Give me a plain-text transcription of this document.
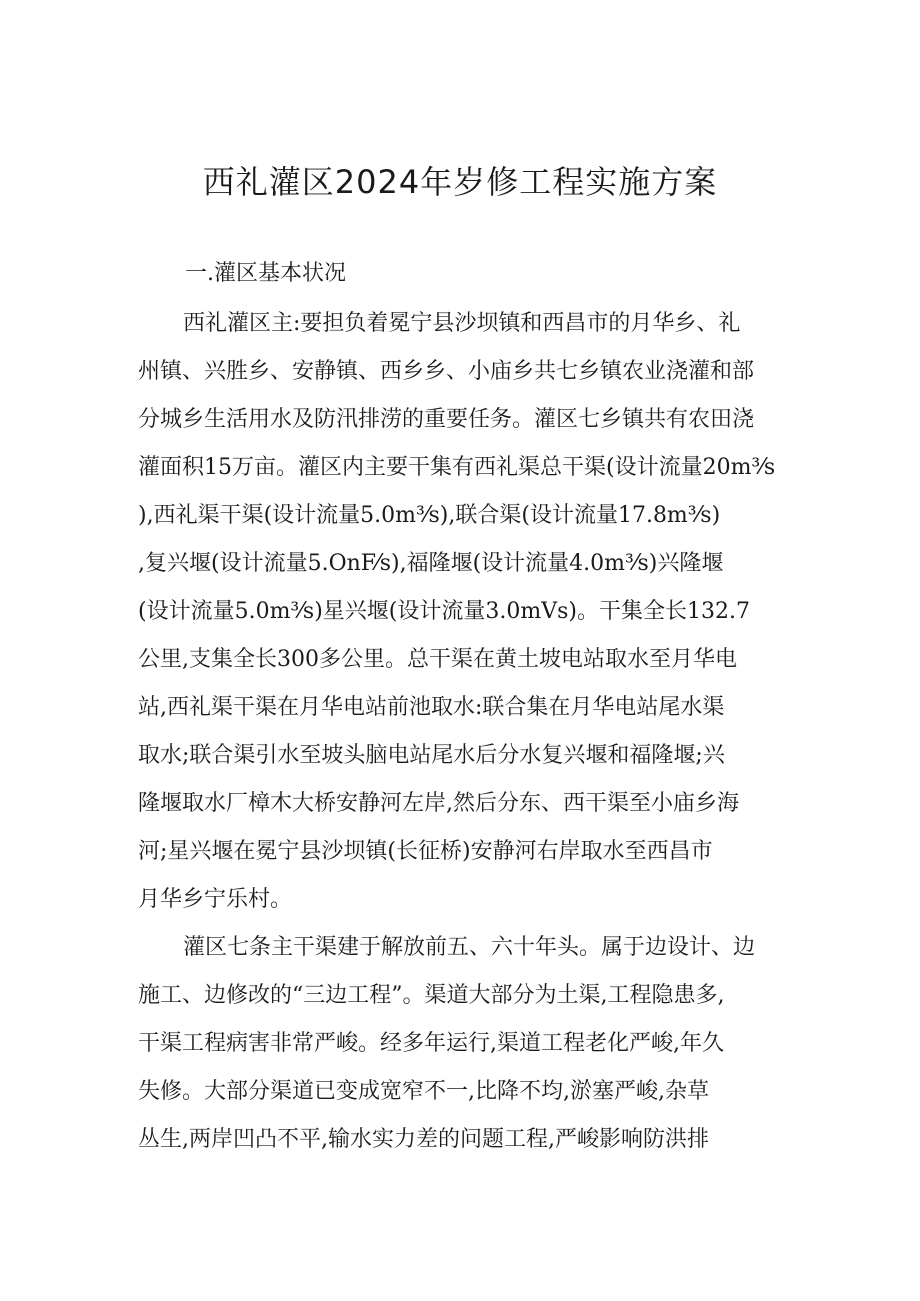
西礼灌区2024年岁修工程实施方案
一.灌区基本状况
西礼灌区主:要担负着冕宁县沙坝镇和西昌市的月华乡、礼
州镇、兴胜乡、安静镇、西乡乡、小庙乡共七乡镇农业浇灌和部
分城乡生活用水及防汛排涝的重要任务。灌区七乡镇共有农田浇
灌面积15万亩。灌区内主要干集有西礼渠总干渠(设计流量20m³⁄s
),西礼渠干渠(设计流量5.0m³⁄s),联合渠(设计流量17.8m³⁄s)
,复兴堰(设计流量5.OnF⁄s),福隆堰(设计流量4.0m³⁄s)兴隆堰
(设计流量5.0m³⁄s)星兴堰(设计流量3.0mVs)。干集全长132.7
公里,支集全长300多公里。总干渠在黄土坡电站取水至月华电
站,西礼渠干渠在月华电站前池取水:联合集在月华电站尾水渠
取水;联合渠引水至坡头脑电站尾水后分水复兴堰和福隆堰;兴
隆堰取水厂樟木大桥安静河左岸,然后分东、西干渠至小庙乡海
河;星兴堰在冕宁县沙坝镇(长征桥)安静河右岸取水至西昌市
月华乡宁乐村。
灌区七条主干渠建于解放前五、六十年头。属于边设计、边
施工、边修改的“三边工程”。渠道大部分为土渠,工程隐患多,
干渠工程病害非常严峻。经多年运行,渠道工程老化严峻,年久
失修。大部分渠道已变成宽窄不一,比降不均,淤塞严峻,杂草
丛生,两岸凹凸不平,输水实力差的问题工程,严峻影响防洪排
